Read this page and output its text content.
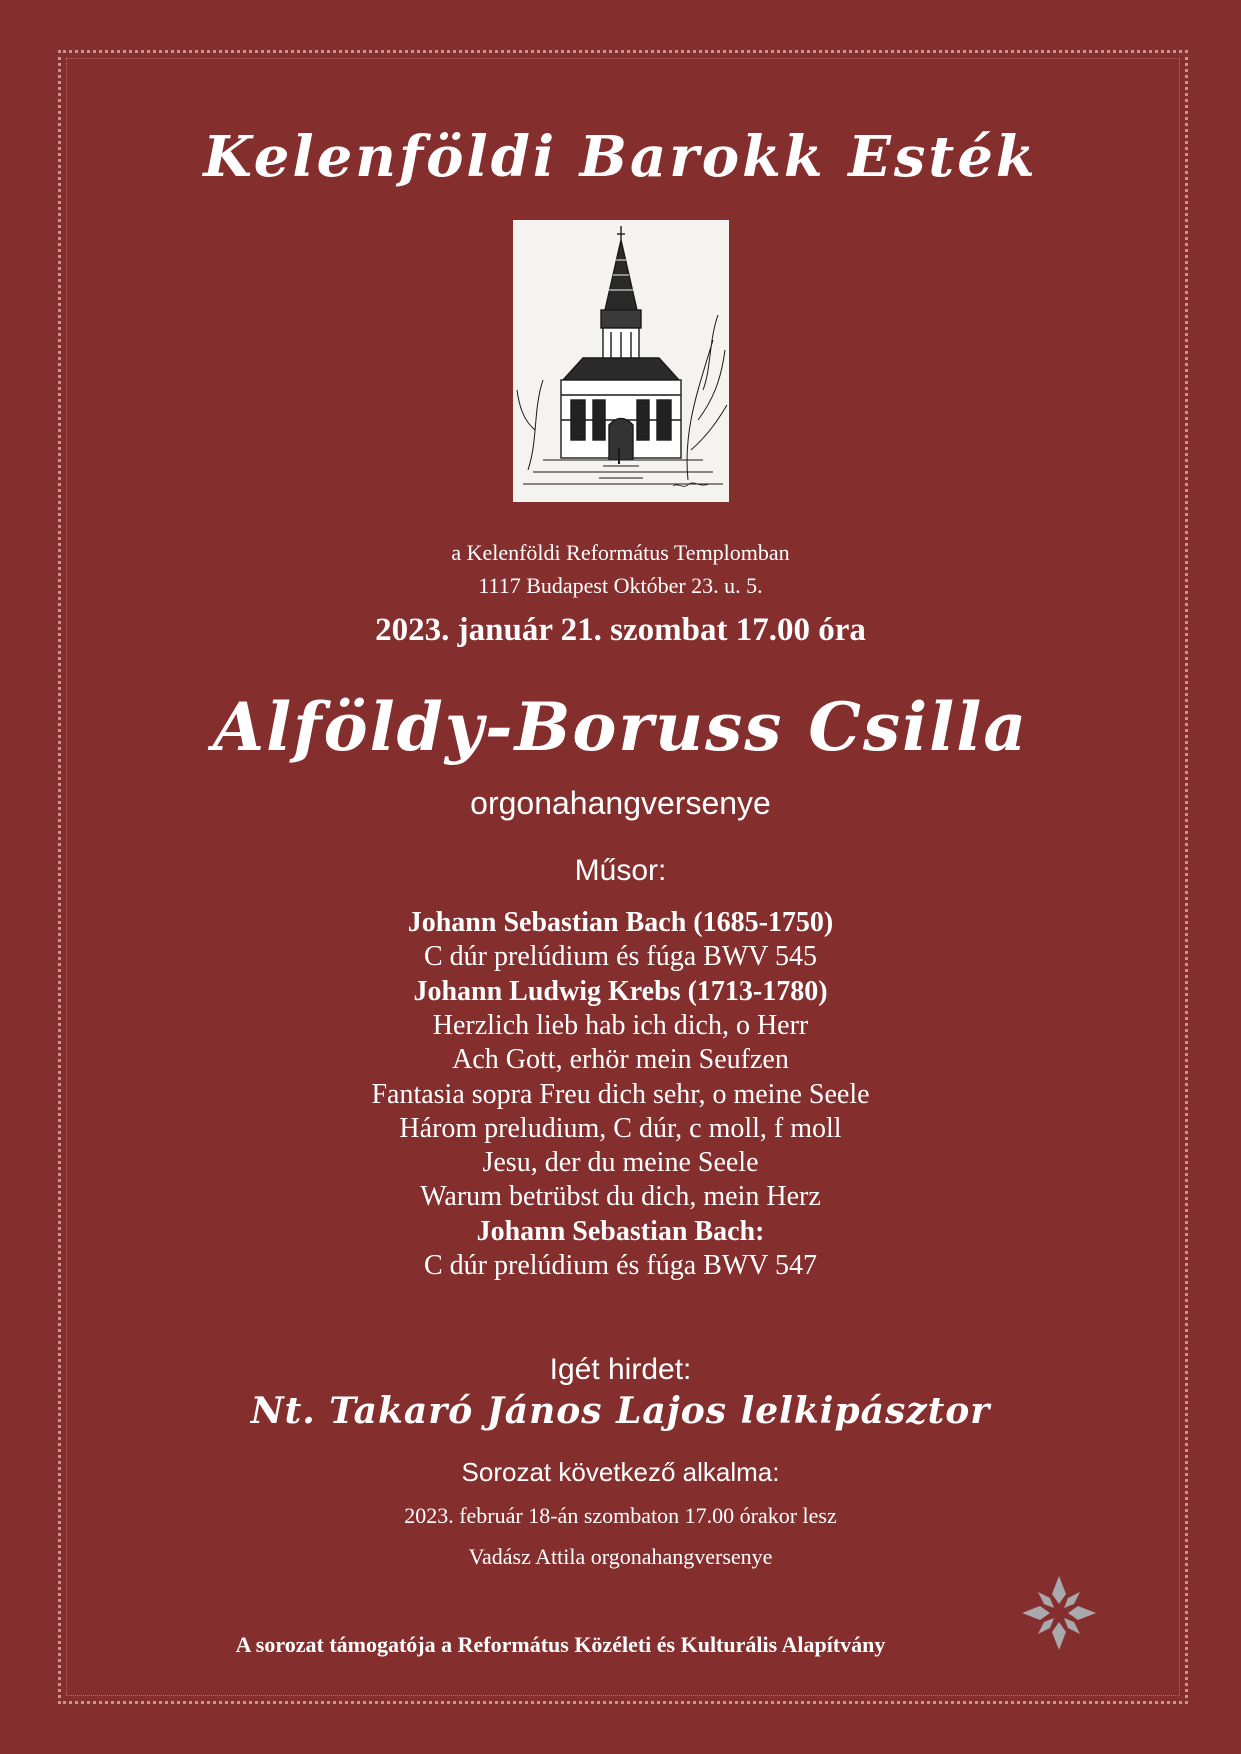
Kelenföldi Barokk Esték

a Kelenföldi Református Templomban

1117 Budapest Október 23. u. 5.

2023. január 21. szombat 17.00 óra

Alföldy-Boruss Csilla

orgonahangversenye

Műsor:

Johann Sebastian Bach (1685-1750)

C dúr prelúdium és fúga BWV 545

Johann Ludwig Krebs (1713-1780)

Herzlich lieb hab ich dich, o Herr

Ach Gott, erhör mein Seufzen

Fantasia sopra Freu dich sehr, o meine Seele

Három preludium, C dúr, c moll, f moll

Jesu, der du meine Seele

Warum betrübst du dich, mein Herz

Johann Sebastian Bach:

C dúr prelúdium és fúga BWV 547

Igét hirdet:

Nt. Takaró János Lajos lelkipásztor

Sorozat következő alkalma:

2023. február 18-án szombaton 17.00 órakor lesz

Vadász Attila orgonahangversenye

A sorozat támogatója a Református Közéleti és Kulturális Alapítvány
